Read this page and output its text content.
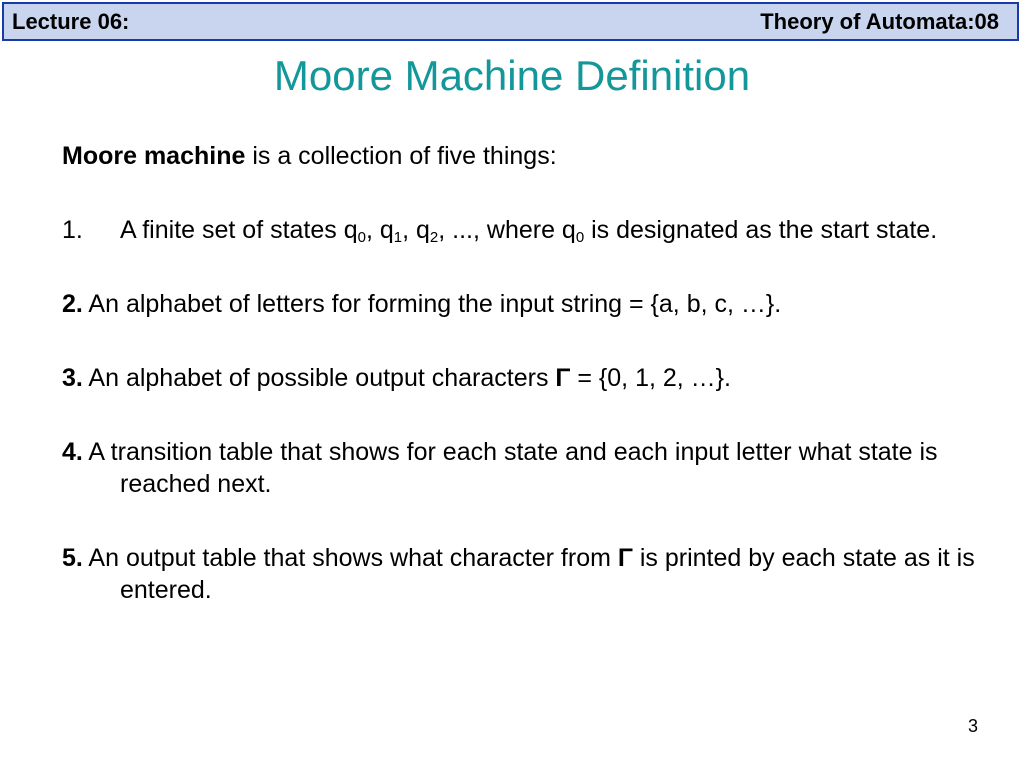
Lecture 06:	Theory of Automata:08
Moore Machine Definition

Moore machine is a collection of five things:

1. A finite set of states $q_0$, $q_1$, $q_2$, ..., where $q_0$ is designated as the start state.

2. An alphabet of letters for forming the input string = {a, b, c, …}.

3. An alphabet of possible output characters Γ = {0, 1, 2, …}.

4. A transition table that shows for each state and each input letter what state is reached next.

5. An output table that shows what character from Γ is printed by each state as it is entered.

3
